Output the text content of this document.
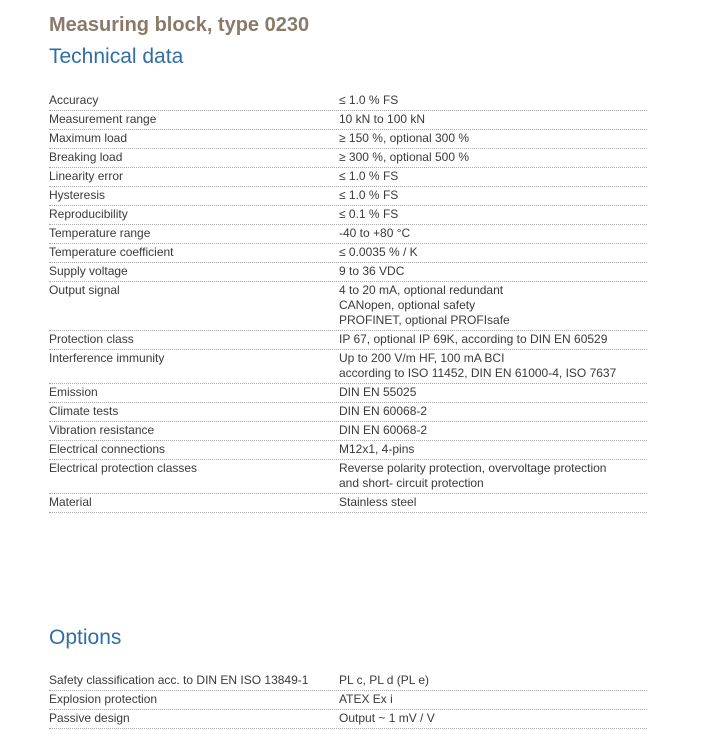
Measuring block, type 0230
Technical data
Accuracy	≤ 1.0 % FS
Measurement range	10 kN to 100 kN
Maximum load	≥ 150 %, optional 300 %
Breaking load	≥ 300 %, optional 500 %
Linearity error	≤ 1.0 % FS
Hysteresis	≤ 1.0 % FS
Reproducibility	≤ 0.1 % FS
Temperature range	-40 to +80 °C
Temperature coefficient	≤ 0.0035 % / K
Supply voltage	9 to 36 VDC
Output signal	4 to 20 mA, optional redundant
CANopen, optional safety
PROFINET, optional PROFIsafe
Protection class	IP 67, optional IP 69K, according to DIN EN 60529
Interference immunity	Up to 200 V/m HF, 100 mA BCI
according to ISO 11452, DIN EN 61000-4, ISO 7637
Emission	DIN EN 55025
Climate tests	DIN EN 60068-2
Vibration resistance	DIN EN 60068-2
Electrical connections	M12x1, 4-pins
Electrical protection classes	Reverse polarity protection, overvoltage protection
and short- circuit protection
Material	Stainless steel
Options
Safety classification acc. to DIN EN ISO 13849-1	PL c, PL d (PL e)
Explosion protection	ATEX Ex i
Passive design	Output ~ 1 mV / V
